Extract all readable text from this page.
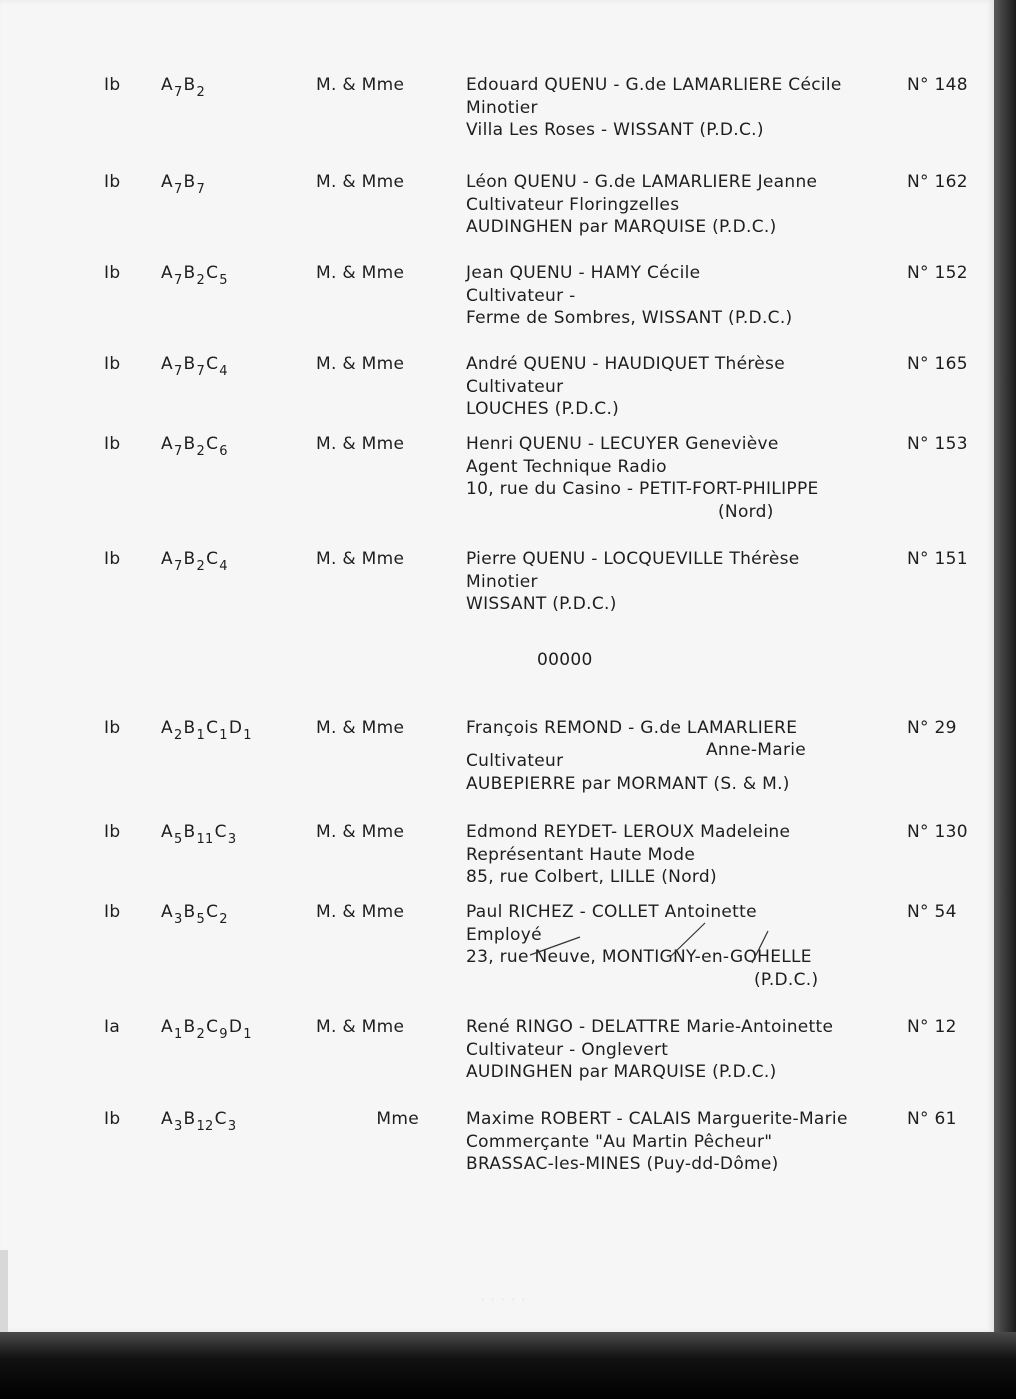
· · · · ·
Ib $A_7B_2$	M. & Mme	Edouard QUENU - G.de LAMARLIERE Cécile
Minotier
Villa Les Roses - WISSANT (P.D.C.)
N° 148
Ib $A_7B_7$	M. & Mme	Léon QUENU - G.de LAMARLIERE Jeanne
Cultivateur Floringzelles
AUDINGHEN par MARQUISE (P.D.C.)
N° 162
Ib $A_7B_2C_5$	M. & Mme	Jean QUENU - HAMY Cécile
Cultivateur -
Ferme de Sombres, WISSANT (P.D.C.)
N° 152
Ib $A_7B_7C_4$	M. & Mme	André QUENU - HAUDIQUET Thérèse
Cultivateur
LOUCHES (P.D.C.)
N° 165
Ib $A_7B_2C_6$	M. & Mme	Henri QUENU - LECUYER Geneviève
Agent Technique Radio
10, rue du Casino - PETIT-FORT-PHILIPPE
(Nord)
N° 153
Ib $A_7B_2C_4$	M. & Mme	Pierre QUENU - LOCQUEVILLE Thérèse
Minotier
WISSANT (P.D.C.)
N° 151
00000
Ib $A_2B_1C_1D_1$	M. & Mme	François REMOND - G.de LAMARLIERE
Anne-Marie
Cultivateur
AUBEPIERRE par MORMANT (S. & M.)
N° 29
Ib $A_5B_{11}C_3$	M. & Mme	Edmond REYDET- LEROUX Madeleine
Représentant Haute Mode
85, rue Colbert, LILLE (Nord)
N° 130
Ib $A_3B_5C_2$	M. & Mme	Paul RICHEZ - COLLET Antoinette
Employé
23, rue Neuve, MONTIGNY-en-GOHELLE
(P.D.C.)
N° 54
Ia $A_1B_2C_9D_1$	M. & Mme	René RINGO - DELATTRE Marie-Antoinette
Cultivateur - Onglevert
AUDINGHEN par MARQUISE (P.D.C.)
N° 12
Ib $A_3B_{12}C_3$	Mme	Maxime ROBERT - CALAIS Marguerite-Marie
Commerçante "Au Martin Pêcheur"
BRASSAC-les-MINES (Puy-dd-Dôme)
N° 61
